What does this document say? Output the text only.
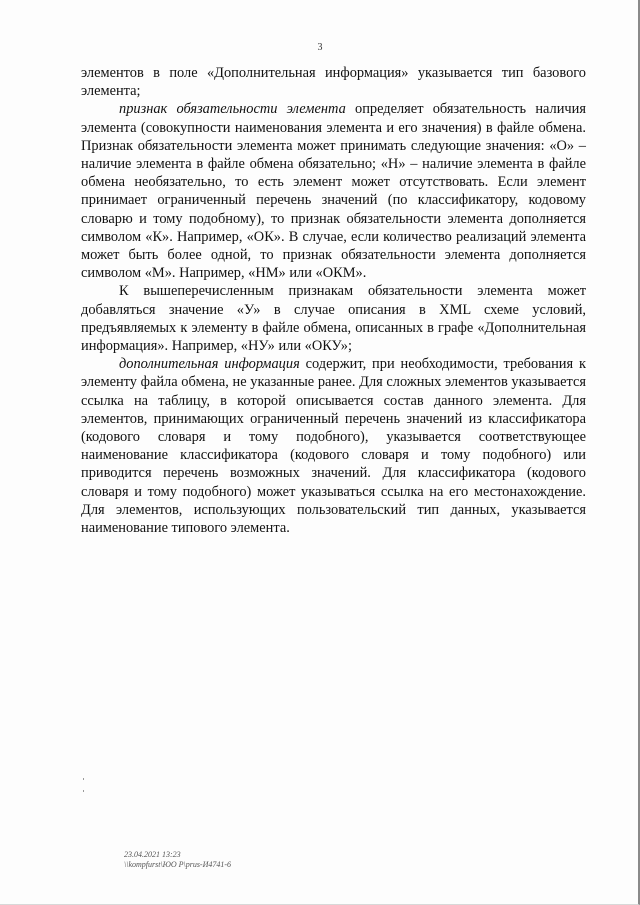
3

элементов в поле «Дополнительная информация» указывается тип базового элемента;

признак обязательности элемента определяет обязательность наличия элемента (совокупности наименования элемента и его значения) в файле обмена. Признак обязательности элемента может принимать следующие значения: «О» – наличие элемента в файле обмена обязательно; «Н» – наличие элемента в файле обмена необязательно, то есть элемент может отсутствовать. Если элемент принимает ограниченный перечень значений (по классификатору, кодовому словарю и тому подобному), то признак обязательности элемента дополняется символом «К». Например, «ОК». В случае, если количество реализаций элемента может быть более одной, то признак обязательности элемента дополняется символом «М». Например, «НМ» или «ОКМ».

К вышеперечисленным признакам обязательности элемента может добавляться значение «У» в случае описания в XML схеме условий, предъявляемых к элементу в файле обмена, описанных в графе «Дополнительная информация». Например, «НУ» или «ОКУ»;

дополнительная информация содержит, при необходимости, требования к элементу файла обмена, не указанные ранее. Для сложных элементов указывается ссылка на таблицу, в которой описывается состав данного элемента. Для элементов, принимающих ограниченный перечень значений из классификатора (кодового словаря и тому подобного), указывается соответствующее наименование классификатора (кодового словаря и тому подобного) или приводится перечень возможных значений. Для классификатора (кодового словаря и тому подобного) может указываться ссылка на его местонахождение. Для элементов, использующих пользовательский тип данных, указывается наименование типового элемента.

23.04.2021 13:23
\\kompfurst\ЮО Р\prus-И4741-6
